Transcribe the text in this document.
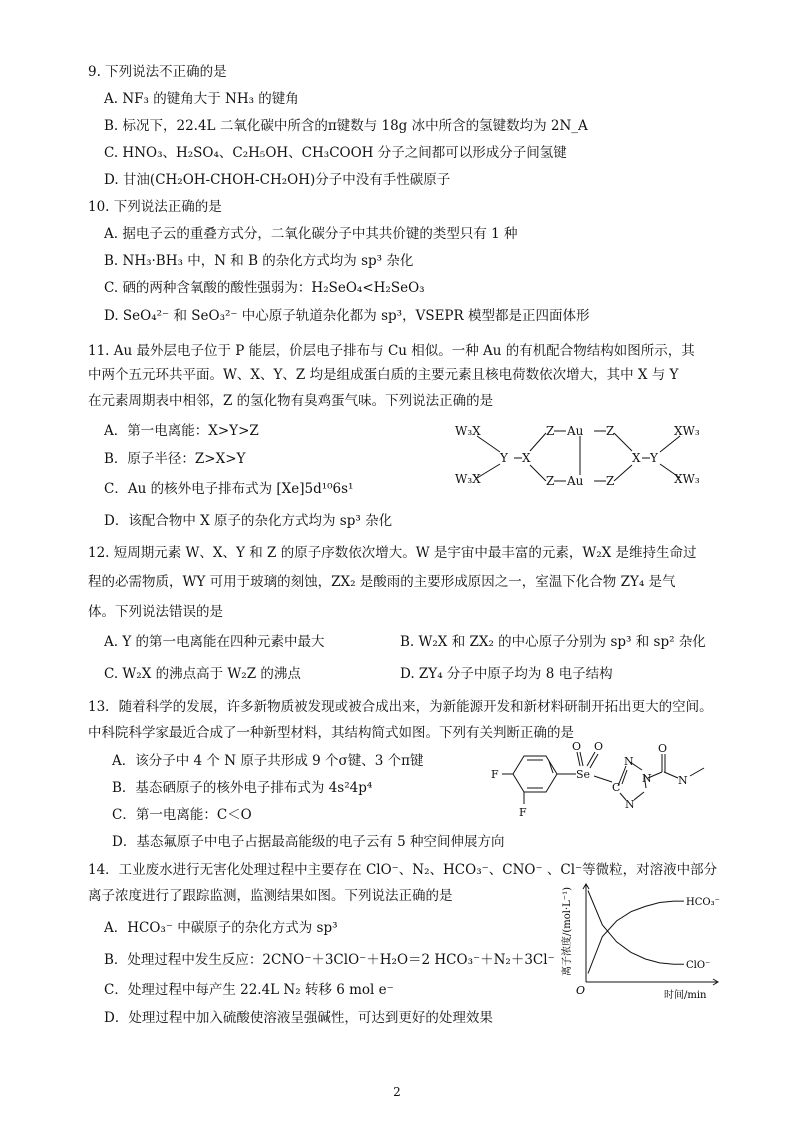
9. 下列说法不正确的是
A. NF₃ 的键角大于 NH₃ 的键角
B. 标况下，22.4L 二氧化碳中所含的π键数与 18g 冰中所含的氢键数均为 2N_A
C. HNO₃、H₂SO₄、C₂H₅OH、CH₃COOH 分子之间都可以形成分子间氢键
D. 甘油(CH₂OH-CHOH-CH₂OH)分子中没有手性碳原子
10. 下列说法正确的是
A. 据电子云的重叠方式分，二氧化碳分子中其共价键的类型只有 1 种
B. NH₃·BH₃ 中，N 和 B 的杂化方式均为 sp³ 杂化
C. 硒的两种含氧酸的酸性强弱为：H₂SeO₄<H₂SeO₃
D. SeO₄²⁻ 和 SeO₃²⁻ 中心原子轨道杂化都为 sp³，VSEPR 模型都是正四面体形
11. Au 最外层电子位于 P 能层，价层电子排布与 Cu 相似。一种 Au 的有机配合物结构如图所示，其
中两个五元环共平面。W、X、Y、Z 均是组成蛋白质的主要元素且核电荷数依次增大，其中 X 与 Y
在元素周期表中相邻，Z 的氢化物有臭鸡蛋气味。下列说法正确的是
A．第一电离能：X>Y>Z
B．原子半径：Z>X>Y
C．Au 的核外电子排布式为 [Xe]5d¹⁰6s¹
D．该配合物中 X 原子的杂化方式均为 sp³ 杂化
W₃X
W₃X
Y X
Z
Z
Au
Au
Z
Z
X Y
XW₃
XW₃
12. 短周期元素 W、X、Y 和 Z 的原子序数依次增大。W 是宇宙中最丰富的元素，W₂X 是维持生命过
程的必需物质，WY 可用于玻璃的刻蚀，ZX₂ 是酸雨的主要形成原因之一，室温下化合物 ZY₄ 是气
体。下列说法错误的是
A. Y 的第一电离能在四种元素中最大	B. W₂X 和 ZX₂ 的中心原子分别为 sp³ 和 sp² 杂化
C. W₂X 的沸点高于 W₂Z 的沸点	D. ZY₄ 分子中原子均为 8 电子结构
13．随着科学的发展，许多新物质被发现或被合成出来，为新能源开发和新材料研制开拓出更大的空间。
中科院科学家最近合成了一种新型材料，其结构简式如图。下列有关判断正确的是
A．该分子中 4 个 N 原子共形成 9 个σ键、3 个π键
B．基态硒原子的核外电子排布式为 4s²4p⁴
C．第一电离能：C＜O
D．基态氟原子中电子占据最高能级的电子云有 5 种空间伸展方向
F
F
Se
O O
C
N
N
N
O
N
14．工业废水进行无害化处理过程中主要存在 ClO⁻、N₂、HCO₃⁻、CNO⁻ 、Cl⁻等微粒，对溶液中部分
离子浓度进行了跟踪监测，监测结果如图。下列说法正确的是
A．HCO₃⁻ 中碳原子的杂化方式为 sp³
B．处理过程中发生反应：2CNO⁻＋3ClO⁻＋H₂O＝2 HCO₃⁻＋N₂＋3Cl⁻
C．处理过程中每产生 22.4L N₂ 转移 6 mol e⁻
D．处理过程中加入硫酸使溶液呈强碱性，可达到更好的处理效果
HCO₃⁻
ClO⁻
离子浓度/(mol·L⁻¹)
O	时间/min
2
